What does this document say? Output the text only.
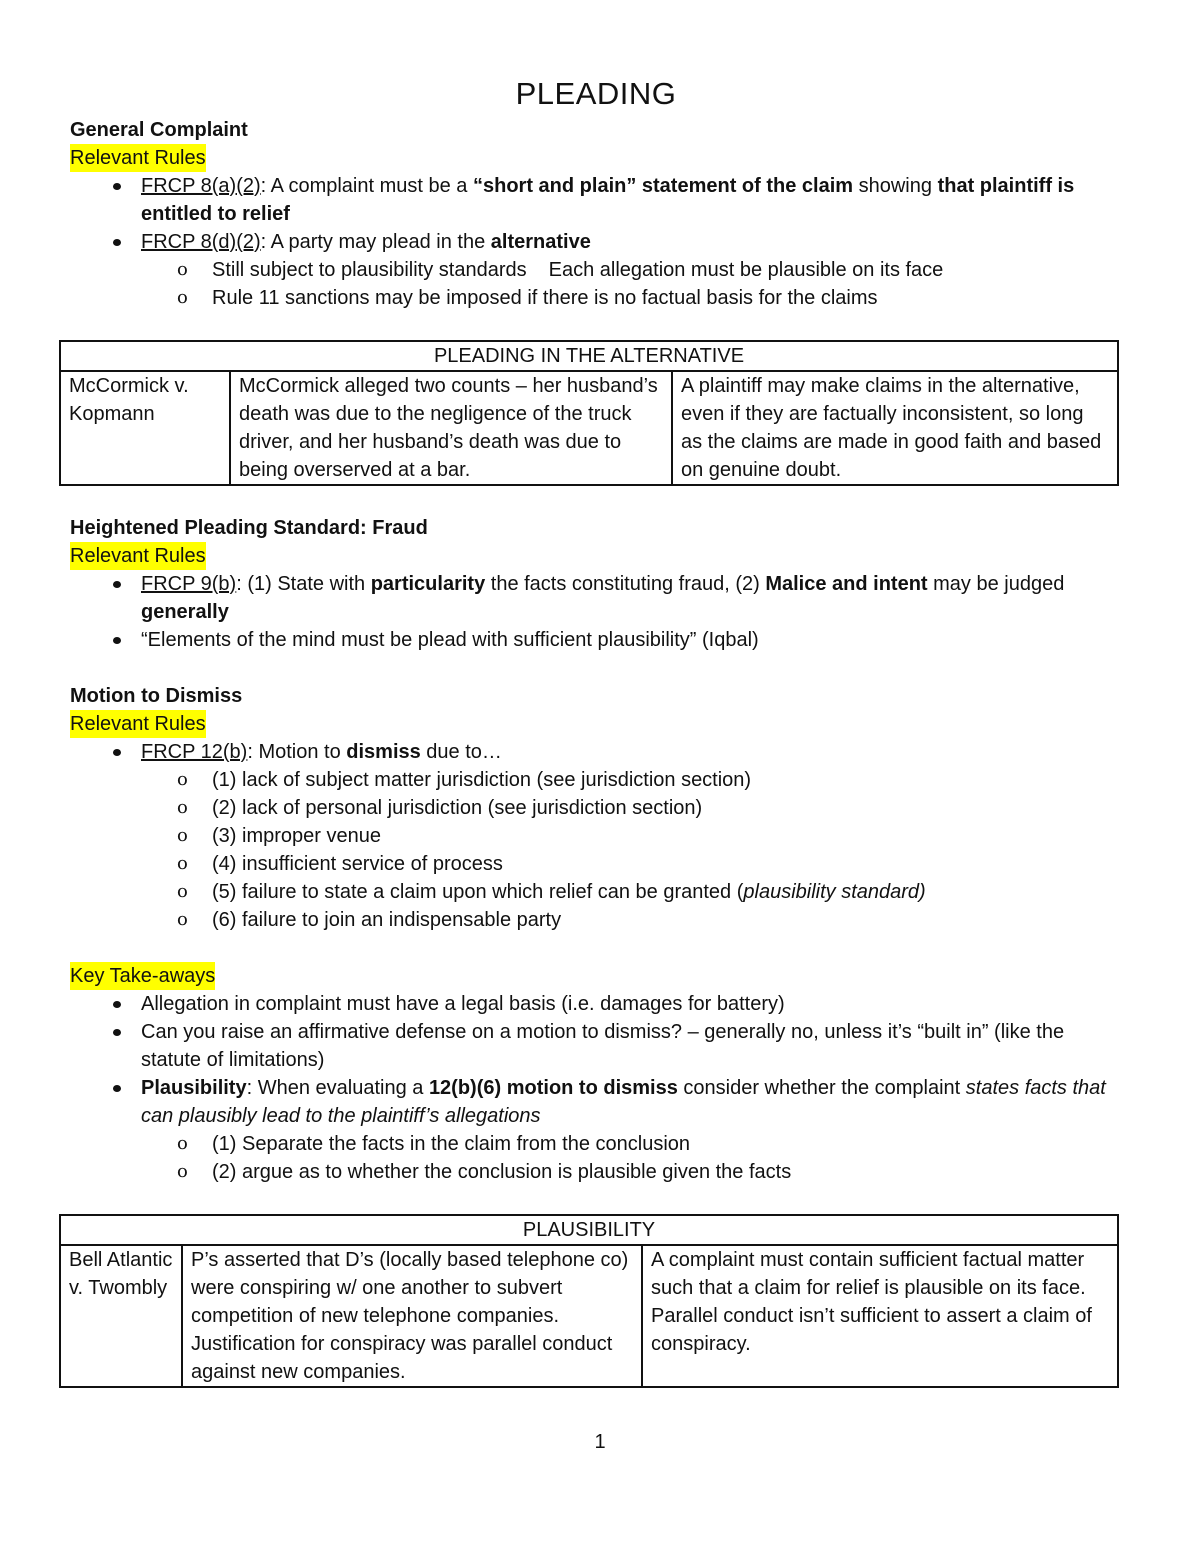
PLEADING

General Complaint

Relevant Rules

FRCP 8(a)(2): A complaint must be a “short and plain” statement of the claim showing that plaintiff is entitled to relief
FRCP 8(d)(2): A party may plead in the alternative
o Still subject to plausibility standards Each allegation must be plausible on its face
o Rule 11 sanctions may be imposed if there is no factual basis for the claims
PLEADING IN THE ALTERNATIVE
McCormick v. Kopmann	McCormick alleged two counts – her husband’s death was due to the negligence of the truck driver, and her husband’s death was due to being overserved at a bar.	A plaintiff may make claims in the alternative, even if they are factually inconsistent, so long as the claims are made in good faith and based on genuine doubt.

Heightened Pleading Standard: Fraud

Relevant Rules

FRCP 9(b): (1) State with particularity the facts constituting fraud, (2) Malice and intent may be judged generally
“Elements of the mind must be plead with sufficient plausibility” (Iqbal)

Motion to Dismiss

Relevant Rules

FRCP 12(b): Motion to dismiss due to…
o (1) lack of subject matter jurisdiction (see jurisdiction section)
o (2) lack of personal jurisdiction (see jurisdiction section)
o (3) improper venue
o (4) insufficient service of process
o (5) failure to state a claim upon which relief can be granted (plausibility standard)
o (6) failure to join an indispensable party

Key Take-aways

Allegation in complaint must have a legal basis (i.e. damages for battery)
Can you raise an affirmative defense on a motion to dismiss? – generally no, unless it’s “built in” (like the statute of limitations)
Plausibility: When evaluating a 12(b)(6) motion to dismiss consider whether the complaint states facts that can plausibly lead to the plaintiff’s allegations
o (1) Separate the facts in the claim from the conclusion
o (2) argue as to whether the conclusion is plausible given the facts
PLAUSIBILITY
Bell Atlantic v. Twombly	P’s asserted that D’s (locally based telephone co) were conspiring w/ one another to subvert competition of new telephone companies. Justification for conspiracy was parallel conduct against new companies.	A complaint must contain sufficient factual matter such that a claim for relief is plausible on its face. Parallel conduct isn’t sufficient to assert a claim of conspiracy.
1
